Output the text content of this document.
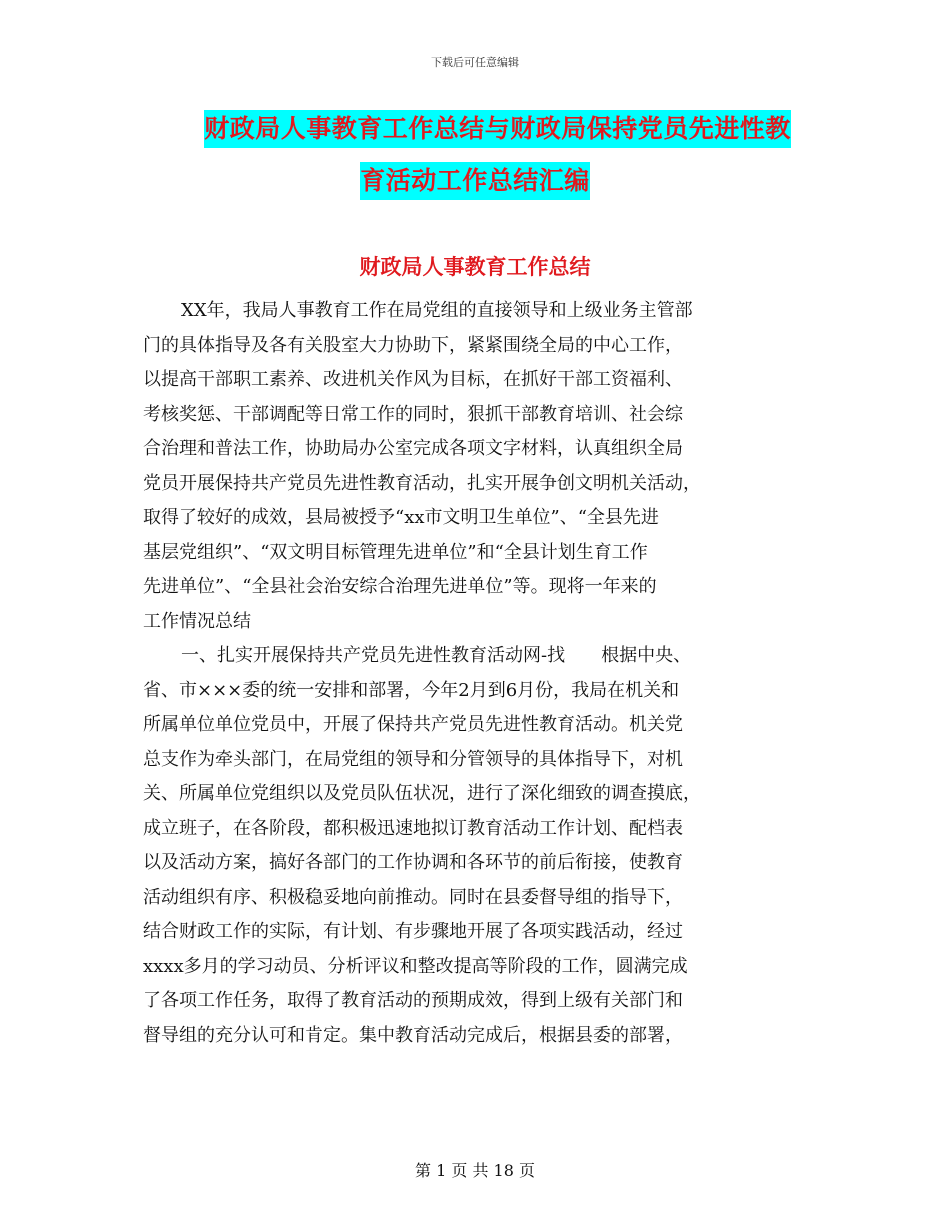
下载后可任意编辑
财政局人事教育工作总结与财政局保持党员先进性教
育活动工作总结汇编
财政局人事教育工作总结
XX年，我局人事教育工作在局党组的直接领导和上级业务主管部
门的具体指导及各有关股室大力协助下，紧紧围绕全局的中心工作，
以提高干部职工素养、改进机关作风为目标，在抓好干部工资福利、
考核奖惩、干部调配等日常工作的同时，狠抓干部教育培训、社会综
合治理和普法工作，协助局办公室完成各项文字材料，认真组织全局
党员开展保持共产党员先进性教育活动，扎实开展争创文明机关活动，
取得了较好的成效，县局被授予“xx市文明卫生单位”、“全县先进
基层党组织”、“双文明目标管理先进单位”和“全县计划生育工作
先进单位”、“全县社会治安综合治理先进单位”等。现将一年来的
工作情况总结
一、扎实开展保持共产党员先进性教育活动网-找　　根据中央、
省、市×××委的统一安排和部署，今年2月到6月份，我局在机关和
所属单位单位党员中，开展了保持共产党员先进性教育活动。机关党
总支作为牵头部门，在局党组的领导和分管领导的具体指导下，对机
关、所属单位党组织以及党员队伍状况，进行了深化细致的调查摸底，
成立班子，在各阶段，都积极迅速地拟订教育活动工作计划、配档表
以及活动方案，搞好各部门的工作协调和各环节的前后衔接，使教育
活动组织有序、积极稳妥地向前推动。同时在县委督导组的指导下，
结合财政工作的实际，有计划、有步骤地开展了各项实践活动，经过
xxxx多月的学习动员、分析评议和整改提高等阶段的工作，圆满完成
了各项工作任务，取得了教育活动的预期成效，得到上级有关部门和
督导组的充分认可和肯定。集中教育活动完成后，根据县委的部署，
第 1 页 共 18 页
